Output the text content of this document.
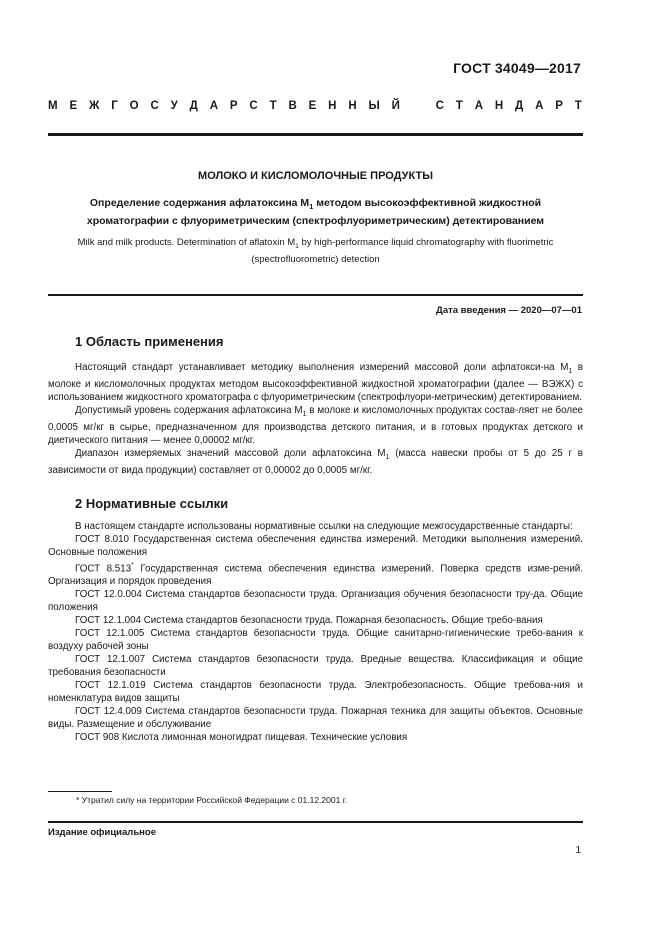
ГОСТ 34049—2017
М Е Ж Г О С У Д А Р С Т В Е Н Н Ы Й	С Т А Н Д А Р Т
МОЛОКО И КИСЛОМОЛОЧНЫЕ ПРОДУКТЫ
Определение содержания афлатоксина $M_1$ методом высокоэффективной жидкостной
хроматографии с флуориметрическим (спектрофлуориметрическим) детектированием
Milk and milk products. Determination of aflatoxin $M_1$ by high-performance liquid chromatography with fluorimetric
(spectrofluorometric) detection
Дата введения — 2020—07—01
1 Область применения

Настоящий стандарт устанавливает методику выполнения измерений массовой доли афлатокси-на $M_1$ в молоке и кисломолочных продуктах методом высокоэффективной жидкостной хроматографии (далее — ВЭЖХ) с использованием жидкостного хроматографа с флуориметрическим (спектрофлуори-метрическим) детектированием.

Допустимый уровень содержания афлатоксина $M_1$ в молоке и кисломолочных продуктах состав-ляет не более 0,0005 мг/кг в сырье, предназначенном для производства детского питания, и в готовых продуктах детского и диетического питания — менее 0,00002 мг/кг.

Диапазон измеряемых значений массовой доли афлатоксина $M_1$ (масса навески пробы от 5 до 25 г в зависимости от вида продукции) составляет от 0,00002 до 0,0005 мг/кг.

2 Нормативные ссылки

В настоящем стандарте использованы нормативные ссылки на следующие межгосударственные стандарты:

ГОСТ 8.010 Государственная система обеспечения единства измерений. Методики выполнения измерений. Основные положения

ГОСТ 8.513* Государственная система обеспечения единства измерений. Поверка средств изме-рений. Организация и порядок проведения

ГОСТ 12.0.004 Система стандартов безопасности труда. Организация обучения безопасности тру-да. Общие положения

ГОСТ 12.1.004 Система стандартов безопасности труда. Пожарная безопасность. Общие требо-вания

ГОСТ 12.1.005 Система стандартов безопасности труда. Общие санитарно-гигиенические требо-вания к воздуху рабочей зоны

ГОСТ 12.1.007 Система стандартов безопасности труда. Вредные вещества. Классификация и общие требования безопасности

ГОСТ 12.1.019 Система стандартов безопасности труда. Электробезопасность. Общие требова-ния и номенклатура видов защиты

ГОСТ 12.4.009 Система стандартов безопасности труда. Пожарная техника для защиты объектов. Основные виды. Размещение и обслуживание

ГОСТ 908 Кислота лимонная моногидрат пищевая. Технические условия

* Утратил силу на территории Российской Федерации с 01.12.2001 г.
Издание официальное
1
